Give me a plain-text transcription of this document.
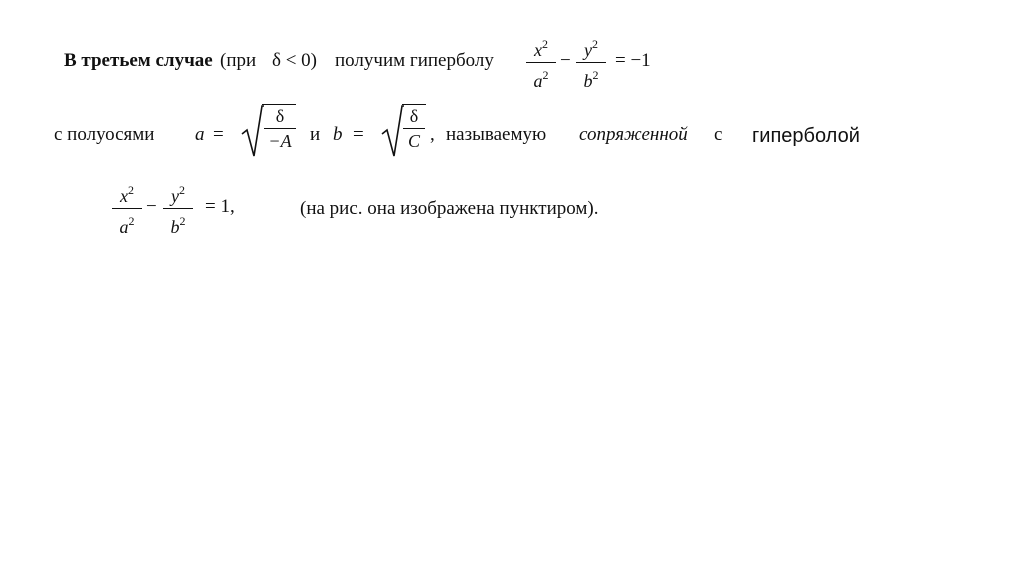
В третьем случае (при δ < 0) получим гиперболу	$x^2$
$a^2$
− $y^2$
$b^2$
= −1
с полуосями a =
δ
−A и b =
δ
C , называемую сопряженной с гиперболой
$x^2$
$a^2$
− $y^2$
$b^2$
= 1,	(на рис. она изображена пунктиром).
